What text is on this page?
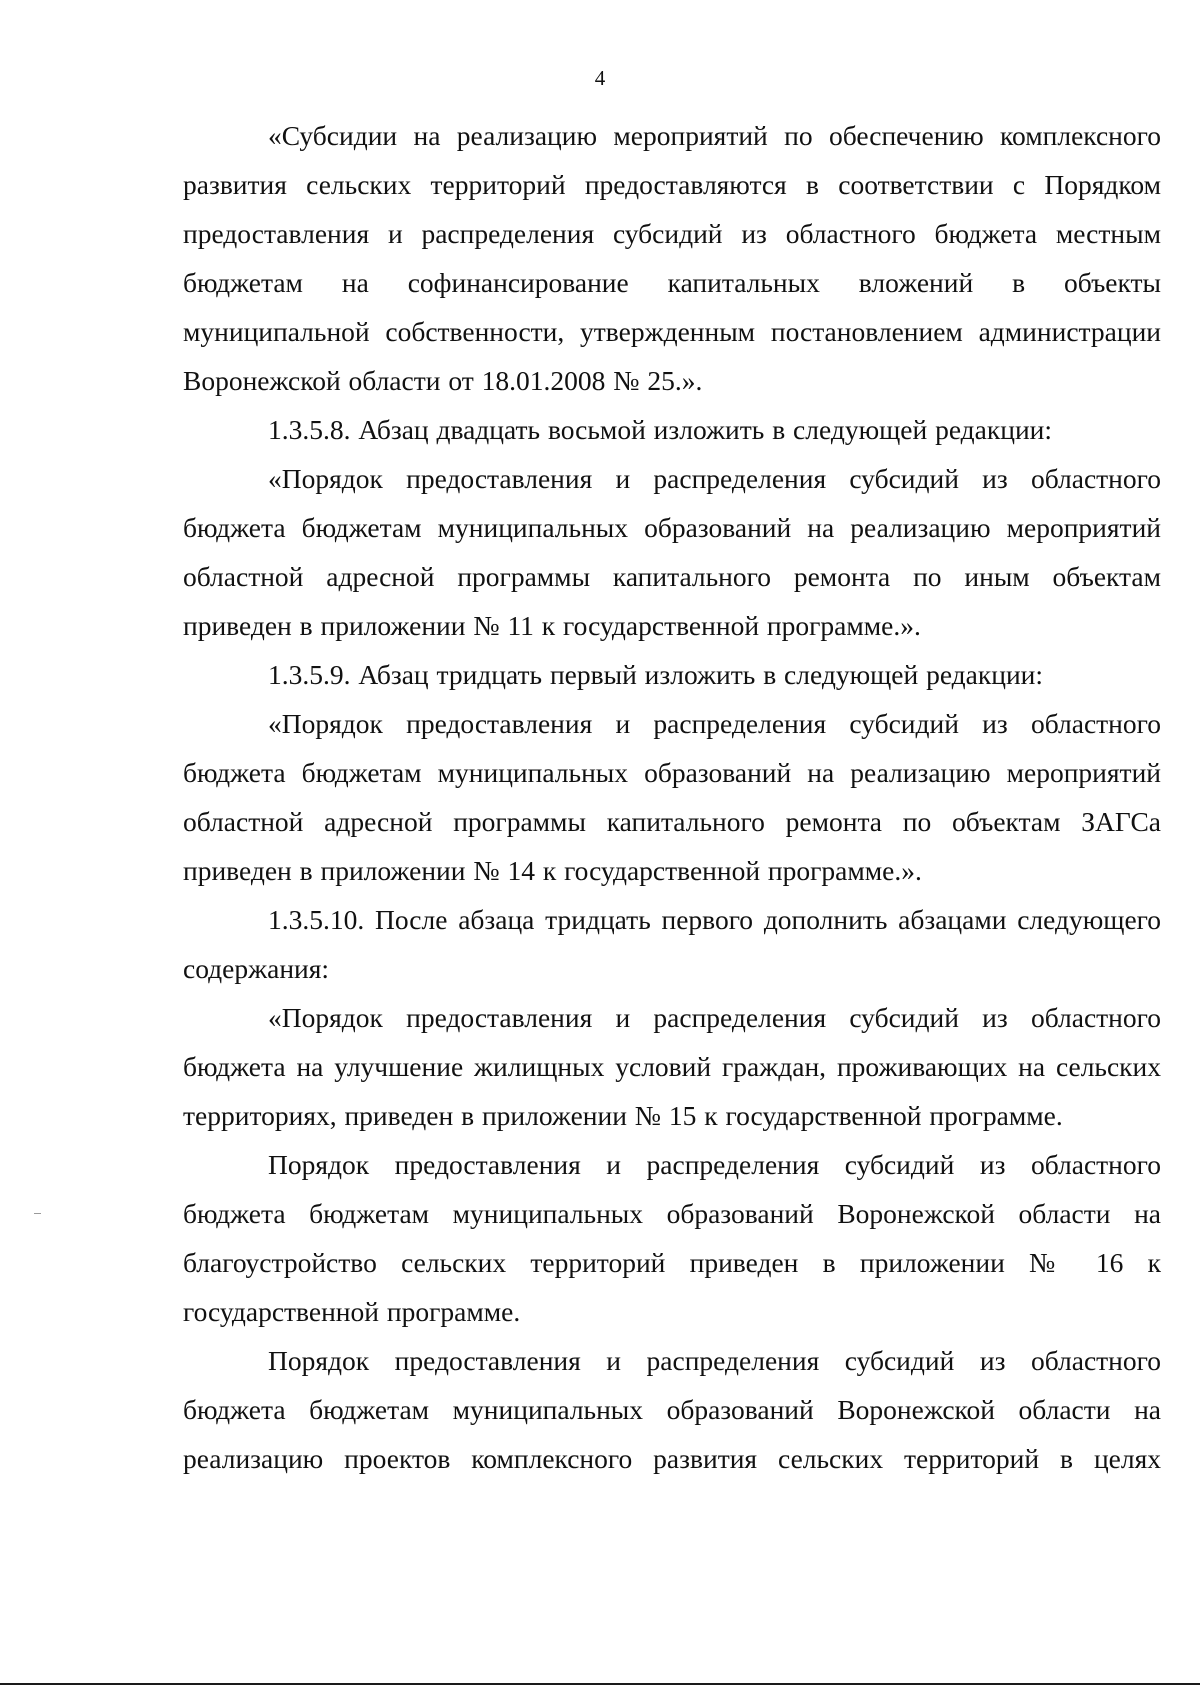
4

«Субсидии на реализацию мероприятий по обеспечению комплексного развития сельских территорий предоставляются в соответствии с Порядком предоставления и распределения субсидий из областного бюджета местным бюджетам на софинансирование капитальных вложений в объекты муниципальной собственности, утвержденным постановлением администрации Воронежской области от 18.01.2008 № 25.».

1.3.5.8. Абзац двадцать восьмой изложить в следующей редакции:

«Порядок предоставления и распределения субсидий из областного бюджета бюджетам муниципальных образований на реализацию мероприятий областной адресной программы капитального ремонта по иным объектам приведен в приложении № 11 к государственной программе.».

1.3.5.9. Абзац тридцать первый изложить в следующей редакции:

«Порядок предоставления и распределения субсидий из областного бюджета бюджетам муниципальных образований на реализацию мероприятий областной адресной программы капитального ремонта по объектам ЗАГСа приведен в приложении № 14 к государственной программе.».

1.3.5.10. После абзаца тридцать первого дополнить абзацами следующего содержания:

«Порядок предоставления и распределения субсидий из областного бюджета на улучшение жилищных условий граждан, проживающих на сельских территориях, приведен в приложении № 15 к государственной программе.

Порядок предоставления и распределения субсидий из областного бюджета бюджетам муниципальных образований Воронежской области на благоустройство сельских территорий приведен в приложении № 16 к государственной программе.

Порядок предоставления и распределения субсидий из областного бюджета бюджетам муниципальных образований Воронежской области на реализацию проектов комплексного развития сельских территорий в целях
